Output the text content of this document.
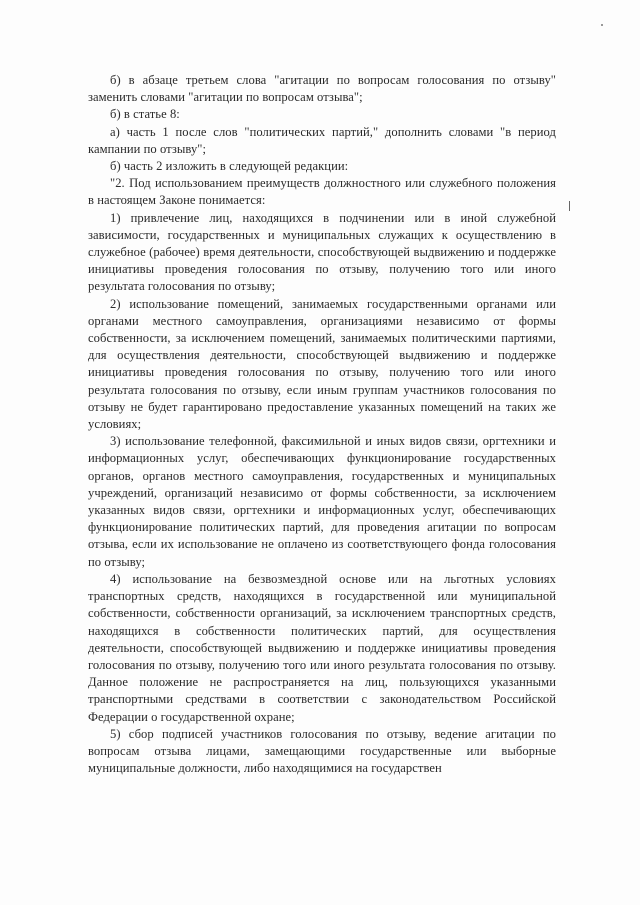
б) в абзаце третьем слова "агитации по вопросам голосования по отзыву" заменить словами "агитации по вопросам отзыва";

б) в статье 8:

а) часть 1 после слов "политических партий," дополнить словами "в период кампании по отзыву";

б) часть 2 изложить в следующей редакции:

"2. Под использованием преимуществ должностного или служебного положения в настоящем Законе понимается:

1) привлечение лиц, находящихся в подчинении или в иной служебной зависимости, государственных и муниципальных служащих к осуществлению в служебное (рабочее) время деятельности, способствующей выдвижению и поддержке инициативы проведения голосования по отзыву, получению того или иного результата голосования по отзыву;

2) использование помещений, занимаемых государственными органами или органами местного самоуправления, организациями независимо от формы собственности, за исключением помещений, занимаемых политическими партиями, для осуществления деятельности, способствующей выдвижению и поддержке инициативы проведения голосования по отзыву, получению того или иного результата голосования по отзыву, если иным группам участников голосования по отзыву не будет гарантировано предоставление указанных помещений на таких же условиях;

3) использование телефонной, факсимильной и иных видов связи, оргтехники и информационных услуг, обеспечивающих функционирование государственных органов, органов местного самоуправления, государственных и муниципальных учреждений, организаций независимо от формы собственности, за исключением указанных видов связи, оргтехники и информационных услуг, обеспечивающих функционирование политических партий, для проведения агитации по вопросам отзыва, если их использование не оплачено из соответствующего фонда голосования по отзыву;

4) использование на безвозмездной основе или на льготных условиях транспортных средств, находящихся в государственной или муниципальной собственности, собственности организаций, за исключением транспортных средств, находящихся в собственности политических партий, для осуществления деятельности, способствующей выдвижению и поддержке инициативы проведения голосования по отзыву, получению того или иного результата голосования по отзыву. Данное положение не распространяется на лиц, пользующихся указанными транспортными средствами в соответствии с законодательством Российской Федерации о государственной охране;

5) сбор подписей участников голосования по отзыву, ведение агитации по вопросам отзыва лицами, замещающими государственные или выборные муниципальные должности, либо находящимися на государствен
